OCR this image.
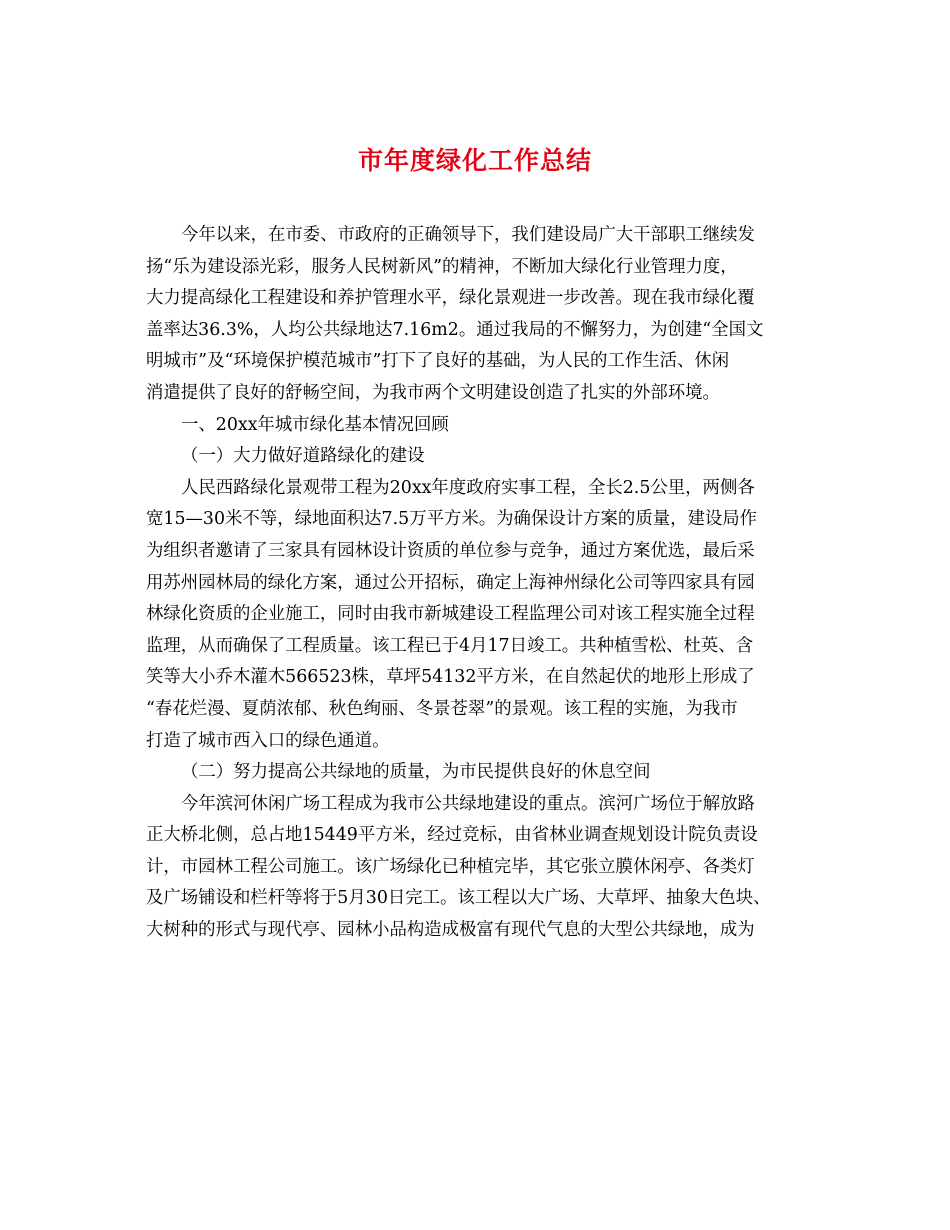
市年度绿化工作总结
今年以来，在市委、市政府的正确领导下，我们建设局广大干部职工继续发
扬“乐为建设添光彩，服务人民树新风”的精神，不断加大绿化行业管理力度，
大力提高绿化工程建设和养护管理水平，绿化景观进一步改善。现在我市绿化覆
盖率达36.3%，人均公共绿地达7.16m2。通过我局的不懈努力，为创建“全国文
明城市”及“环境保护模范城市”打下了良好的基础，为人民的工作生活、休闲
消遣提供了良好的舒畅空间，为我市两个文明建设创造了扎实的外部环境。
一、20xx年城市绿化基本情况回顾
（一）大力做好道路绿化的建设
人民西路绿化景观带工程为20xx年度政府实事工程，全长2.5公里，两侧各
宽15—30米不等，绿地面积达7.5万平方米。为确保设计方案的质量，建设局作
为组织者邀请了三家具有园林设计资质的单位参与竞争，通过方案优选，最后采
用苏州园林局的绿化方案，通过公开招标，确定上海神州绿化公司等四家具有园
林绿化资质的企业施工，同时由我市新城建设工程监理公司对该工程实施全过程
监理，从而确保了工程质量。该工程已于4月17日竣工。共种植雪松、杜英、含
笑等大小乔木灌木566523株，草坪54132平方米，在自然起伏的地形上形成了
“春花烂漫、夏荫浓郁、秋色绚丽、冬景苍翠”的景观。该工程的实施，为我市
打造了城市西入口的绿色通道。
（二）努力提高公共绿地的质量，为市民提供良好的休息空间
今年滨河休闲广场工程成为我市公共绿地建设的重点。滨河广场位于解放路
正大桥北侧，总占地15449平方米，经过竞标，由省林业调查规划设计院负责设
计，市园林工程公司施工。该广场绿化已种植完毕，其它张立膜休闲亭、各类灯
及广场铺设和栏杆等将于5月30日完工。该工程以大广场、大草坪、抽象大色块、
大树种的形式与现代亭、园林小品构造成极富有现代气息的大型公共绿地，成为
